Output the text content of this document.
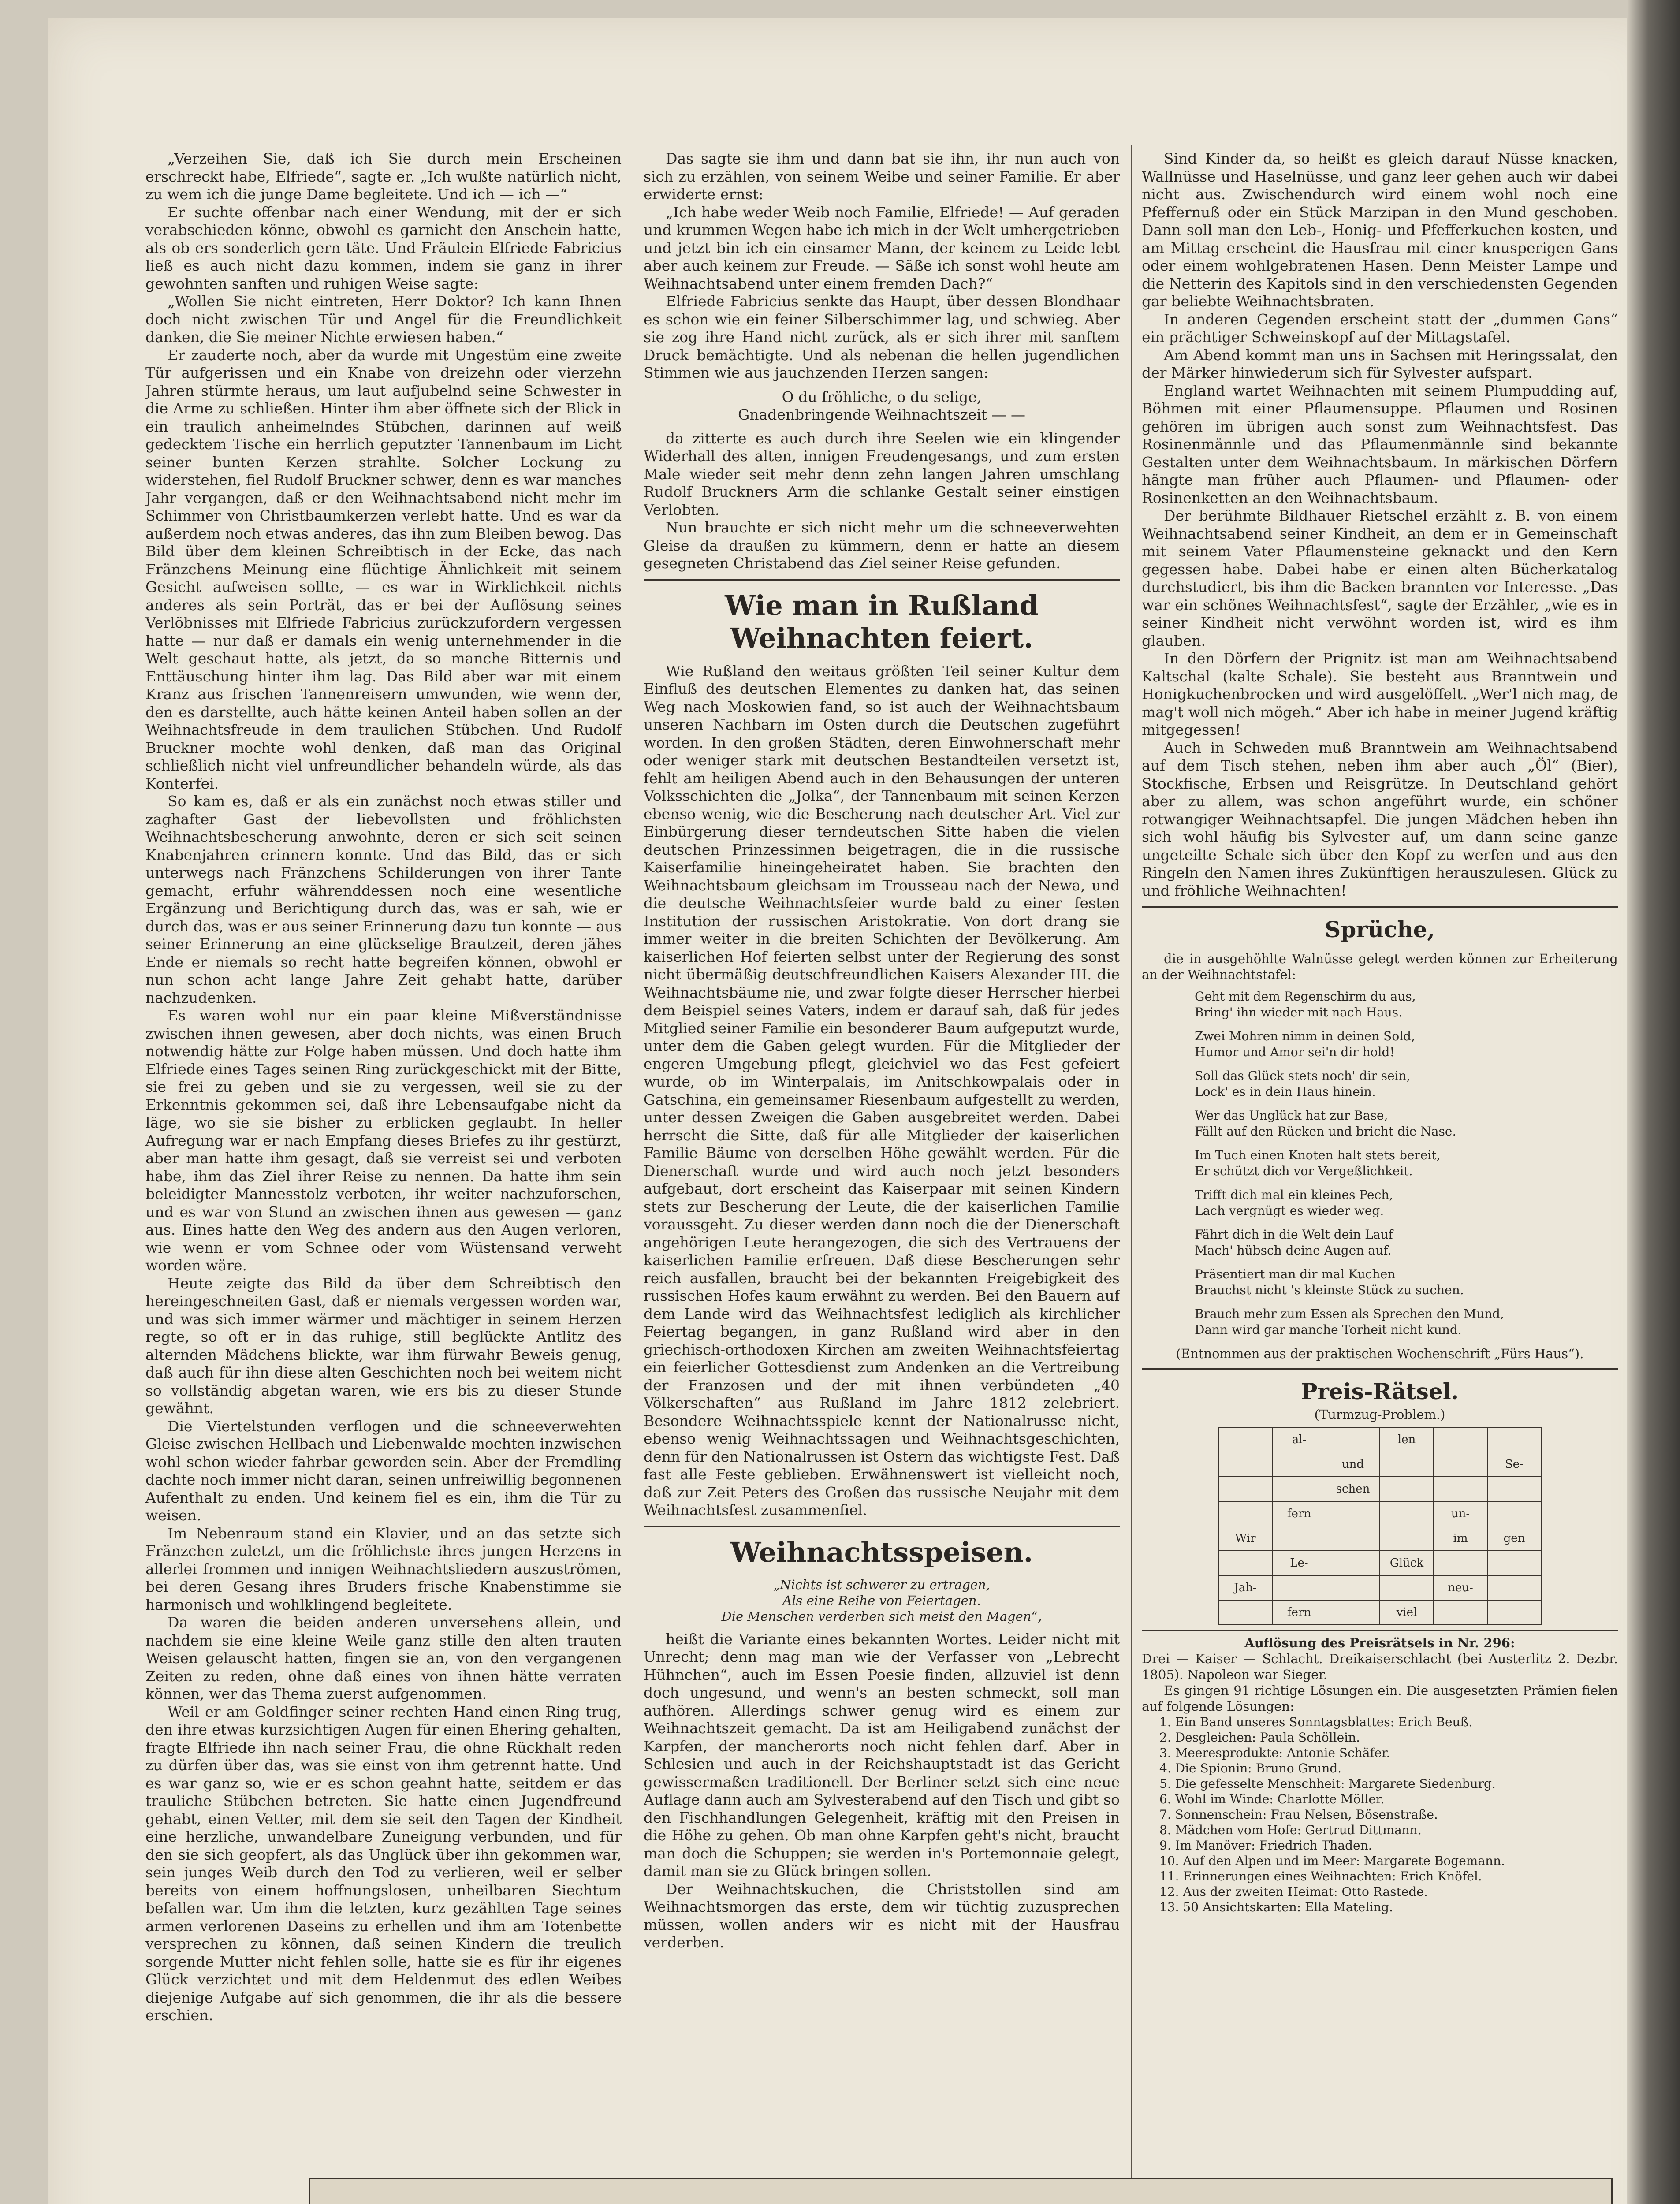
„Verzeihen Sie, daß ich Sie durch mein Erscheinen erschreckt habe, Elfriede“, sagte er. „Ich wußte natürlich nicht, zu wem ich die junge Dame begleitete. Und ich — ich —“

Er suchte offenbar nach einer Wendung, mit der er sich verabschieden könne, obwohl es garnicht den Anschein hatte, als ob ers sonderlich gern täte. Und Fräulein Elfriede Fabricius ließ es auch nicht dazu kommen, indem sie ganz in ihrer gewohnten sanften und ruhigen Weise sagte:

„Wollen Sie nicht eintreten, Herr Doktor? Ich kann Ihnen doch nicht zwischen Tür und Angel für die Freundlichkeit danken, die Sie meiner Nichte erwiesen haben.“

Er zauderte noch, aber da wurde mit Ungestüm eine zweite Tür aufgerissen und ein Knabe von dreizehn oder vierzehn Jahren stürmte heraus, um laut aufjubelnd seine Schwester in die Arme zu schließen. Hinter ihm aber öffnete sich der Blick in ein traulich anheimelndes Stübchen, darinnen auf weiß gedecktem Tische ein herrlich geputzter Tannenbaum im Licht seiner bunten Kerzen strahlte. Solcher Lockung zu widerstehen, fiel Rudolf Bruckner schwer, denn es war manches Jahr vergangen, daß er den Weihnachtsabend nicht mehr im Schimmer von Christbaumkerzen verlebt hatte. Und es war da außerdem noch etwas anderes, das ihn zum Bleiben bewog. Das Bild über dem kleinen Schreibtisch in der Ecke, das nach Fränzchens Meinung eine flüchtige Ähnlichkeit mit seinem Gesicht aufweisen sollte, — es war in Wirklichkeit nichts anderes als sein Porträt, das er bei der Auflösung seines Verlöbnisses mit Elfriede Fabricius zurückzufordern vergessen hatte — nur daß er damals ein wenig unternehmender in die Welt geschaut hatte, als jetzt, da so manche Bitternis und Enttäuschung hinter ihm lag. Das Bild aber war mit einem Kranz aus frischen Tannenreisern umwunden, wie wenn der, den es darstellte, auch hätte keinen Anteil haben sollen an der Weihnachtsfreude in dem traulichen Stübchen. Und Rudolf Bruckner mochte wohl denken, daß man das Original schließlich nicht viel unfreundlicher behandeln würde, als das Konterfei.

So kam es, daß er als ein zunächst noch etwas stiller und zaghafter Gast der liebevollsten und fröhlichsten Weihnachtsbescherung anwohnte, deren er sich seit seinen Knabenjahren erinnern konnte. Und das Bild, das er sich unterwegs nach Fränzchens Schilderungen von ihrer Tante gemacht, erfuhr währenddessen noch eine wesentliche Ergänzung und Berichtigung durch das, was er sah, wie er durch das, was er aus seiner Erinnerung dazu tun konnte — aus seiner Erinnerung an eine glückselige Brautzeit, deren jähes Ende er niemals so recht hatte begreifen können, obwohl er nun schon acht lange Jahre Zeit gehabt hatte, darüber nachzudenken.

Es waren wohl nur ein paar kleine Mißverständnisse zwischen ihnen gewesen, aber doch nichts, was einen Bruch notwendig hätte zur Folge haben müssen. Und doch hatte ihm Elfriede eines Tages seinen Ring zurückgeschickt mit der Bitte, sie frei zu geben und sie zu vergessen, weil sie zu der Erkenntnis gekommen sei, daß ihre Lebensaufgabe nicht da läge, wo sie sie bisher zu erblicken geglaubt. In heller Aufregung war er nach Empfang dieses Briefes zu ihr gestürzt, aber man hatte ihm gesagt, daß sie verreist sei und verboten habe, ihm das Ziel ihrer Reise zu nennen. Da hatte ihm sein beleidigter Mannesstolz verboten, ihr weiter nachzuforschen, und es war von Stund an zwischen ihnen aus gewesen — ganz aus. Eines hatte den Weg des andern aus den Augen verloren, wie wenn er vom Schnee oder vom Wüstensand verweht worden wäre.

Heute zeigte das Bild da über dem Schreibtisch den hereingeschneiten Gast, daß er niemals vergessen worden war, und was sich immer wärmer und mächtiger in seinem Herzen regte, so oft er in das ruhige, still beglückte Antlitz des alternden Mädchens blickte, war ihm fürwahr Beweis genug, daß auch für ihn diese alten Geschichten noch bei weitem nicht so vollständig abgetan waren, wie ers bis zu dieser Stunde gewähnt.

Die Viertelstunden verflogen und die schneeverwehten Gleise zwischen Hellbach und Liebenwalde mochten inzwischen wohl schon wieder fahrbar geworden sein. Aber der Fremdling dachte noch immer nicht daran, seinen unfreiwillig begonnenen Aufenthalt zu enden. Und keinem fiel es ein, ihm die Tür zu weisen.

Im Nebenraum stand ein Klavier, und an das setzte sich Fränzchen zuletzt, um die fröhlichste ihres jungen Herzens in allerlei frommen und innigen Weihnachtsliedern auszuströmen, bei deren Gesang ihres Bruders frische Knabenstimme sie harmonisch und wohlklingend begleitete.

Da waren die beiden anderen unversehens allein, und nachdem sie eine kleine Weile ganz stille den alten trauten Weisen gelauscht hatten, fingen sie an, von den vergangenen Zeiten zu reden, ohne daß eines von ihnen hätte verraten können, wer das Thema zuerst aufgenommen.

Weil er am Goldfinger seiner rechten Hand einen Ring trug, den ihre etwas kurzsichtigen Augen für einen Ehering gehalten, fragte Elfriede ihn nach seiner Frau, die ohne Rückhalt reden zu dürfen über das, was sie einst von ihm getrennt hatte. Und es war ganz so, wie er es schon geahnt hatte, seitdem er das trauliche Stübchen betreten. Sie hatte einen Jugendfreund gehabt, einen Vetter, mit dem sie seit den Tagen der Kindheit eine herzliche, unwandelbare Zuneigung verbunden, und für den sie sich geopfert, als das Unglück über ihn gekommen war, sein junges Weib durch den Tod zu verlieren, weil er selber bereits von einem hoffnungslosen, unheilbaren Siechtum befallen war. Um ihm die letzten, kurz gezählten Tage seines armen verlorenen Daseins zu erhellen und ihm am Totenbette versprechen zu können, daß seinen Kindern die treulich sorgende Mutter nicht fehlen solle, hatte sie es für ihr eigenes Glück verzichtet und mit dem Heldenmut des edlen Weibes diejenige Aufgabe auf sich genommen, die ihr als die bessere erschien.

Das sagte sie ihm und dann bat sie ihn, ihr nun auch von sich zu erzählen, von seinem Weibe und seiner Familie. Er aber erwiderte ernst:

„Ich habe weder Weib noch Familie, Elfriede! — Auf geraden und krummen Wegen habe ich mich in der Welt umhergetrieben und jetzt bin ich ein einsamer Mann, der keinem zu Leide lebt aber auch keinem zur Freude. — Säße ich sonst wohl heute am Weihnachtsabend unter einem fremden Dach?“

Elfriede Fabricius senkte das Haupt, über dessen Blondhaar es schon wie ein feiner Silberschimmer lag, und schwieg. Aber sie zog ihre Hand nicht zurück, als er sich ihrer mit sanftem Druck bemächtigte. Und als nebenan die hellen jugendlichen Stimmen wie aus jauchzenden Herzen sangen:

O du fröhliche, o du selige,
Gnadenbringende Weihnachtszeit — —

da zitterte es auch durch ihre Seelen wie ein klingender Widerhall des alten, innigen Freudengesangs, und zum ersten Male wieder seit mehr denn zehn langen Jahren umschlang Rudolf Bruckners Arm die schlanke Gestalt seiner einstigen Verlobten.

Nun brauchte er sich nicht mehr um die schneeverwehten Gleise da draußen zu kümmern, denn er hatte an diesem gesegneten Christabend das Ziel seiner Reise gefunden.

Wie man in Rußland Weihnachten feiert.

Wie Rußland den weitaus größten Teil seiner Kultur dem Einfluß des deutschen Elementes zu danken hat, das seinen Weg nach Moskowien fand, so ist auch der Weihnachtsbaum unseren Nachbarn im Osten durch die Deutschen zugeführt worden. In den großen Städten, deren Einwohnerschaft mehr oder weniger stark mit deutschen Bestandteilen versetzt ist, fehlt am heiligen Abend auch in den Behausungen der unteren Volksschichten die „Jolka“, der Tannenbaum mit seinen Kerzen ebenso wenig, wie die Bescherung nach deutscher Art. Viel zur Einbürgerung dieser terndeutschen Sitte haben die vielen deutschen Prinzessinnen beigetragen, die in die russische Kaiserfamilie hineingeheiratet haben. Sie brachten den Weihnachtsbaum gleichsam im Trousseau nach der Newa, und die deutsche Weihnachtsfeier wurde bald zu einer festen Institution der russischen Aristokratie. Von dort drang sie immer weiter in die breiten Schichten der Bevölkerung. Am kaiserlichen Hof feierten selbst unter der Regierung des sonst nicht übermäßig deutschfreundlichen Kaisers Alexander III. die Weihnachtsbäume nie, und zwar folgte dieser Herrscher hierbei dem Beispiel seines Vaters, indem er darauf sah, daß für jedes Mitglied seiner Familie ein besonderer Baum aufgeputzt wurde, unter dem die Gaben gelegt wurden. Für die Mitglieder der engeren Umgebung pflegt, gleichviel wo das Fest gefeiert wurde, ob im Winterpalais, im Anitschkowpalais oder in Gatschina, ein gemeinsamer Riesenbaum aufgestellt zu werden, unter dessen Zweigen die Gaben ausgebreitet werden. Dabei herrscht die Sitte, daß für alle Mitglieder der kaiserlichen Familie Bäume von derselben Höhe gewählt werden. Für die Dienerschaft wurde und wird auch noch jetzt besonders aufgebaut, dort erscheint das Kaiserpaar mit seinen Kindern stets zur Bescherung der Leute, die der kaiserlichen Familie voraussgeht. Zu dieser werden dann noch die der Dienerschaft angehörigen Leute herangezogen, die sich des Vertrauens der kaiserlichen Familie erfreuen. Daß diese Bescherungen sehr reich ausfallen, braucht bei der bekannten Freigebigkeit des russischen Hofes kaum erwähnt zu werden. Bei den Bauern auf dem Lande wird das Weihnachtsfest lediglich als kirchlicher Feiertag begangen, in ganz Rußland wird aber in den griechisch-orthodoxen Kirchen am zweiten Weihnachtsfeiertag ein feierlicher Gottesdienst zum Andenken an die Vertreibung der Franzosen und der mit ihnen verbündeten „40 Völkerschaften“ aus Rußland im Jahre 1812 zelebriert. Besondere Weihnachtsspiele kennt der Nationalrusse nicht, ebenso wenig Weihnachtssagen und Weihnachtsgeschichten, denn für den Nationalrussen ist Ostern das wichtigste Fest. Daß fast alle Feste geblieben. Erwähnenswert ist vielleicht noch, daß zur Zeit Peters des Großen das russische Neujahr mit dem Weihnachtsfest zusammenfiel.

Weihnachtsspeisen.
„Nichts ist schwerer zu ertragen,
Als eine Reihe von Feiertagen.
Die Menschen verderben sich meist den Magen“,

heißt die Variante eines bekannten Wortes. Leider nicht mit Unrecht; denn mag man wie der Verfasser von „Lebrecht Hühnchen“, auch im Essen Poesie finden, allzuviel ist denn doch ungesund, und wenn's an besten schmeckt, soll man aufhören. Allerdings schwer genug wird es einem zur Weihnachtszeit gemacht. Da ist am Heiligabend zunächst der Karpfen, der mancherorts noch nicht fehlen darf. Aber in Schlesien und auch in der Reichshauptstadt ist das Gericht gewissermaßen traditionell. Der Berliner setzt sich eine neue Auflage dann auch am Sylvesterabend auf den Tisch und gibt so den Fischhandlungen Gelegenheit, kräftig mit den Preisen in die Höhe zu gehen. Ob man ohne Karpfen geht's nicht, braucht man doch die Schuppen; sie werden in's Portemonnaie gelegt, damit man sie zu Glück bringen sollen.

Der Weihnachtskuchen, die Christstollen sind am Weihnachtsmorgen das erste, dem wir tüchtig zuzusprechen müssen, wollen anders wir es nicht mit der Hausfrau verderben.

Sind Kinder da, so heißt es gleich darauf Nüsse knacken, Wallnüsse und Haselnüsse, und ganz leer gehen auch wir dabei nicht aus. Zwischendurch wird einem wohl noch eine Pfeffernuß oder ein Stück Marzipan in den Mund geschoben. Dann soll man den Leb-, Honig- und Pfefferkuchen kosten, und am Mittag erscheint die Hausfrau mit einer knusperigen Gans oder einem wohlgebratenen Hasen. Denn Meister Lampe und die Netterin des Kapitols sind in den verschiedensten Gegenden gar beliebte Weihnachtsbraten.

In anderen Gegenden erscheint statt der „dummen Gans“ ein prächtiger Schweinskopf auf der Mittagstafel.

Am Abend kommt man uns in Sachsen mit Heringssalat, den der Märker hinwiederum sich für Sylvester aufspart.

England wartet Weihnachten mit seinem Plumpudding auf, Böhmen mit einer Pflaumensuppe. Pflaumen und Rosinen gehören im übrigen auch sonst zum Weihnachtsfest. Das Rosinenmännle und das Pflaumenmännle sind bekannte Gestalten unter dem Weihnachtsbaum. In märkischen Dörfern hängte man früher auch Pflaumen- und Pflaumen- oder Rosinenketten an den Weihnachtsbaum.

Der berühmte Bildhauer Rietschel erzählt z. B. von einem Weihnachtsabend seiner Kindheit, an dem er in Gemeinschaft mit seinem Vater Pflaumensteine geknackt und den Kern gegessen habe. Dabei habe er einen alten Bücherkatalog durchstudiert, bis ihm die Backen brannten vor Interesse. „Das war ein schönes Weihnachtsfest“, sagte der Erzähler, „wie es in seiner Kindheit nicht verwöhnt worden ist, wird es ihm glauben.

In den Dörfern der Prignitz ist man am Weihnachtsabend Kaltschal (kalte Schale). Sie besteht aus Branntwein und Honigkuchenbrocken und wird ausgelöffelt. „Wer'l nich mag, de mag't woll nich mögeh.“ Aber ich habe in meiner Jugend kräftig mitgegessen!

Auch in Schweden muß Branntwein am Weihnachtsabend auf dem Tisch stehen, neben ihm aber auch „Öl“ (Bier), Stockfische, Erbsen und Reisgrütze. In Deutschland gehört aber zu allem, was schon angeführt wurde, ein schöner rotwangiger Weihnachtsapfel. Die jungen Mädchen heben ihn sich wohl häufig bis Sylvester auf, um dann seine ganze ungeteilte Schale sich über den Kopf zu werfen und aus den Ringeln den Namen ihres Zukünftigen herauszulesen. Glück zu und fröhliche Weihnachten!

Sprüche,

die in ausgehöhlte Walnüsse gelegt werden können zur Erheiterung an der Weihnachtstafel:

Geht mit dem Regenschirm du aus,
Bring' ihn wieder mit nach Haus.
Zwei Mohren nimm in deinen Sold,
Humor und Amor sei'n dir hold!
Soll das Glück stets noch' dir sein,
Lock' es in dein Haus hinein.
Wer das Unglück hat zur Base,
Fällt auf den Rücken und bricht die Nase.
Im Tuch einen Knoten halt stets bereit,
Er schützt dich vor Vergeßlichkeit.
Trifft dich mal ein kleines Pech,
Lach vergnügt es wieder weg.
Fährt dich in die Welt dein Lauf
Mach' hübsch deine Augen auf.
Präsentiert man dir mal Kuchen
Brauchst nicht 's kleinste Stück zu suchen.
Brauch mehr zum Essen als Sprechen den Mund,
Dann wird gar manche Torheit nicht kund.
(Entnommen aus der praktischen Wochenschrift „Fürs Haus“).
Preis-Rätsel.
(Turmzug-Problem.)
	al-		len		
		und			Se-
		schen			
	fern			un-	
Wir				im	gen
	Le-		Glück		
Jah-				neu-	
	fern		viel		
Auflösung des Preisrätsels in Nr. 296:
Drei — Kaiser — Schlacht. Dreikaiserschlacht (bei Austerlitz 2. Dezbr. 1805). Napoleon war Sieger.

Es gingen 91 richtige Lösungen ein. Die ausgesetzten Prämien fielen auf folgende Lösungen:

1. Ein Band unseres Sonntagsblattes: Erich Beuß.
2. Desgleichen: Paula Schöllein.
3. Meeresprodukte: Antonie Schäfer.
4. Die Spionin: Bruno Grund.
5. Die gefesselte Menschheit: Margarete Siedenburg.
6. Wohl im Winde: Charlotte Möller.
7. Sonnenschein: Frau Nelsen, Bösenstraße.
8. Mädchen vom Hofe: Gertrud Dittmann.
9. Im Manöver: Friedrich Thaden.
10. Auf den Alpen und im Meer: Margarete Bogemann.
11. Erinnerungen eines Weihnachten: Erich Knöfel.
12. Aus der zweiten Heimat: Otto Rastede.
13. 50 Ansichtskarten: Ella Mateling.
